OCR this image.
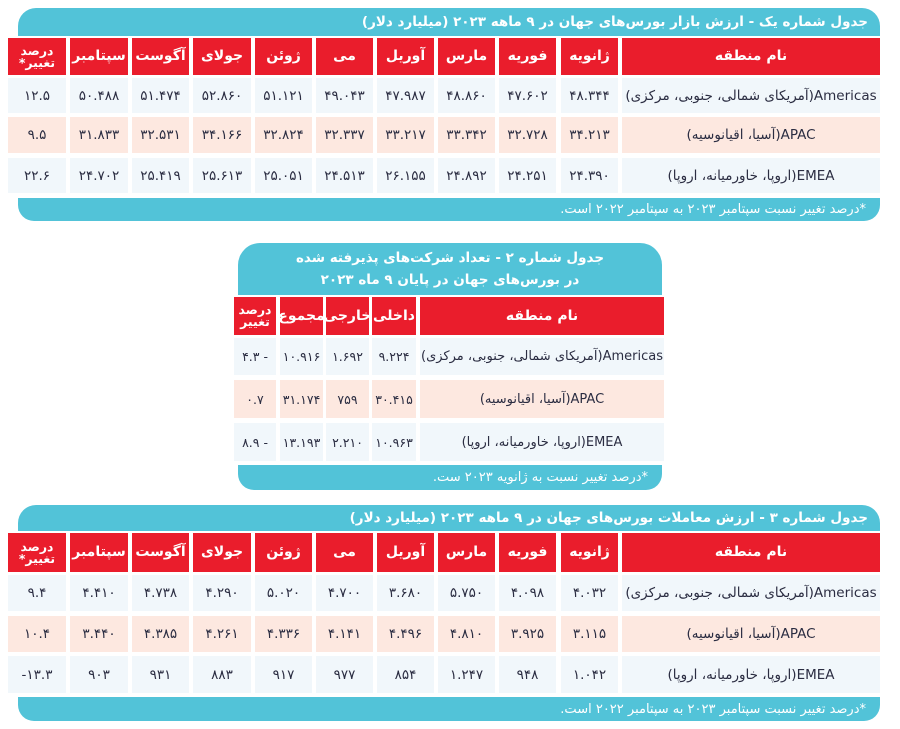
جدول شماره یک - ارزش بازار بورس‌های جهان در ۹ ماهه ۲۰۲۳ (میلیارد دلار)
نام منطقه
ژانویه
فوریه
مارس
آوریل
می
ژوئن
جولای
آگوست
سپتامبر
درصد
تغییر*
Americas(آمریکای شمالی، جنوبی، مرکزی)
۴۸.۳۴۴
۴۷.۶۰۲
۴۸.۸۶۰
۴۷.۹۸۷
۴۹.۰۴۳
۵۱.۱۲۱
۵۲.۸۶۰
۵۱.۴۷۴
۵۰.۴۸۸
۱۲.۵
APAC(آسیا، اقیانوسیه)
۳۴.۲۱۳
۳۲.۷۲۸
۳۳.۳۴۲
۳۳.۲۱۷
۳۲.۳۳۷
۳۲.۸۲۴
۳۴.۱۶۶
۳۲.۵۳۱
۳۱.۸۳۳
۹.۵
EMEA(اروپا، خاورمیانه، اروپا)
۲۴.۳۹۰
۲۴.۲۵۱
۲۴.۸۹۲
۲۶.۱۵۵
۲۴.۵۱۳
۲۵.۰۵۱
۲۵.۶۱۳
۲۵.۴۱۹
۲۴.۷۰۲
۲۲.۶
*درصد تغییر نسبت سپتامبر ۲۰۲۳ به سپتامبر ۲۰۲۲ است.
جدول شماره ۲ - تعداد شرکت‌های پذیرفته شده
در بورس‌های جهان در پایان ۹ ماه ۲۰۲۳
نام منطقه
داخلی
خارجی
مجموع
درصد
تغییر
Americas(آمریکای شمالی، جنوبی، مرکزی)
۹.۲۲۴
۱.۶۹۲
۱۰.۹۱۶
- ۴.۳
APAC(آسیا، اقیانوسیه)
۳۰.۴۱۵
۷۵۹
۳۱.۱۷۴
۰.۷
EMEA(اروپا، خاورمیانه، اروپا)
۱۰.۹۶۳
۲.۲۱۰
۱۳.۱۹۳
- ۸.۹
*درصد تغییر نسبت به ژانویه ۲۰۲۳ ست.
جدول شماره ۳ - ارزش معاملات بورس‌های جهان در ۹ ماهه ۲۰۲۳ (میلیارد دلار)
نام منطقه
ژانویه
فوریه
مارس
آوریل
می
ژوئن
جولای
آگوست
سپتامبر
درصد
تغییر*
Americas(آمریکای شمالی، جنوبی، مرکزی)
۴.۰۳۲
۴.۰۹۸
۵.۷۵۰
۳.۶۸۰
۴.۷۰۰
۵.۰۲۰
۴.۲۹۰
۴.۷۳۸
۴.۴۱۰
۹.۴
APAC(آسیا، اقیانوسیه)
۳.۱۱۵
۳.۹۲۵
۴.۸۱۰
۴.۴۹۶
۴.۱۴۱
۴.۳۳۶
۴.۲۶۱
۴.۳۸۵
۳.۴۴۰
۱۰.۴
EMEA(اروپا، خاورمیانه، اروپا)
۱.۰۴۲
۹۴۸
۱.۲۴۷
۸۵۴
۹۷۷
۹۱۷
۸۸۳
۹۳۱
۹۰۳
۱۳.۳-
*درصد تغییر نسبت سپتامبر ۲۰۲۳ به سپتامبر ۲۰۲۲ است.
